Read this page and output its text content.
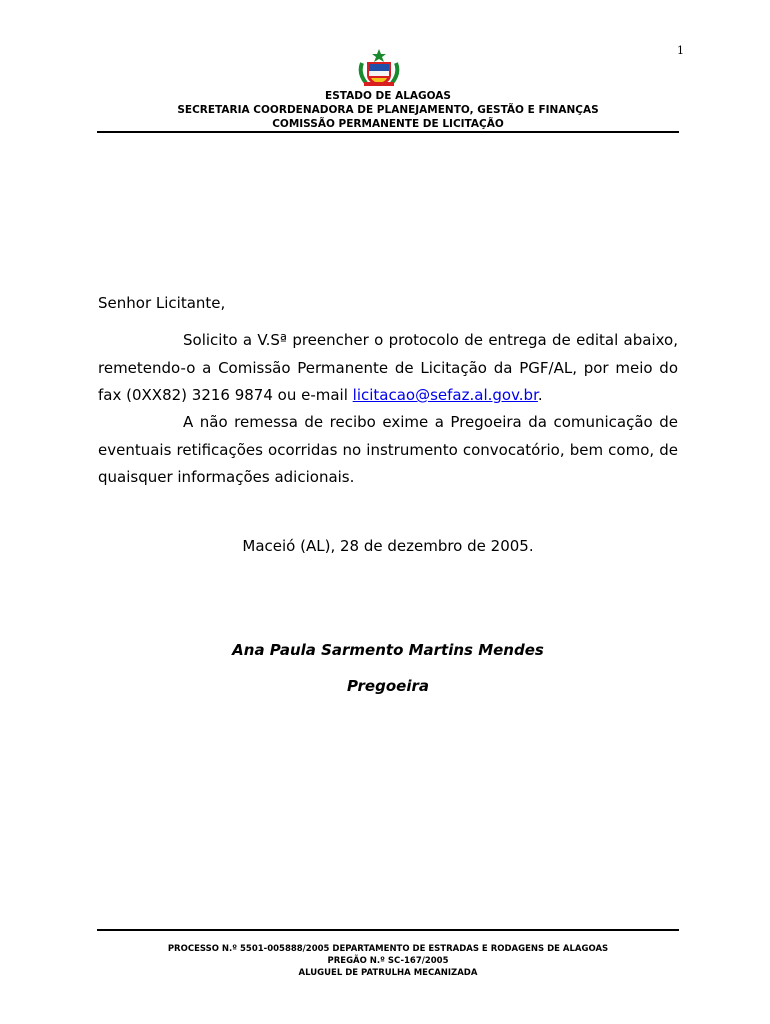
1
ESTADO DE ALAGOAS
SECRETARIA COORDENADORA DE PLANEJAMENTO, GESTÃO E FINANÇAS
COMISSÃO PERMANENTE DE LICITAÇÃO
Senhor Licitante,
Solicito a V.Sª preencher o protocolo de entrega de edital abaixo, remetendo-o a Comissão Permanente de Licitação da PGF/AL, por meio do fax (0XX82) 3216 9874 ou e-mail licitacao@sefaz.al.gov.br.
A não remessa de recibo exime a Pregoeira da comunicação de eventuais retificações ocorridas no instrumento convocatório, bem como, de quaisquer informações adicionais.
Maceió (AL), 28 de dezembro de 2005.
Ana Paula Sarmento Martins Mendes
Pregoeira
PROCESSO N.º 5501-005888/2005 DEPARTAMENTO DE ESTRADAS E RODAGENS DE ALAGOAS
PREGÃO N.º SC-167/2005
ALUGUEL DE PATRULHA MECANIZADA
